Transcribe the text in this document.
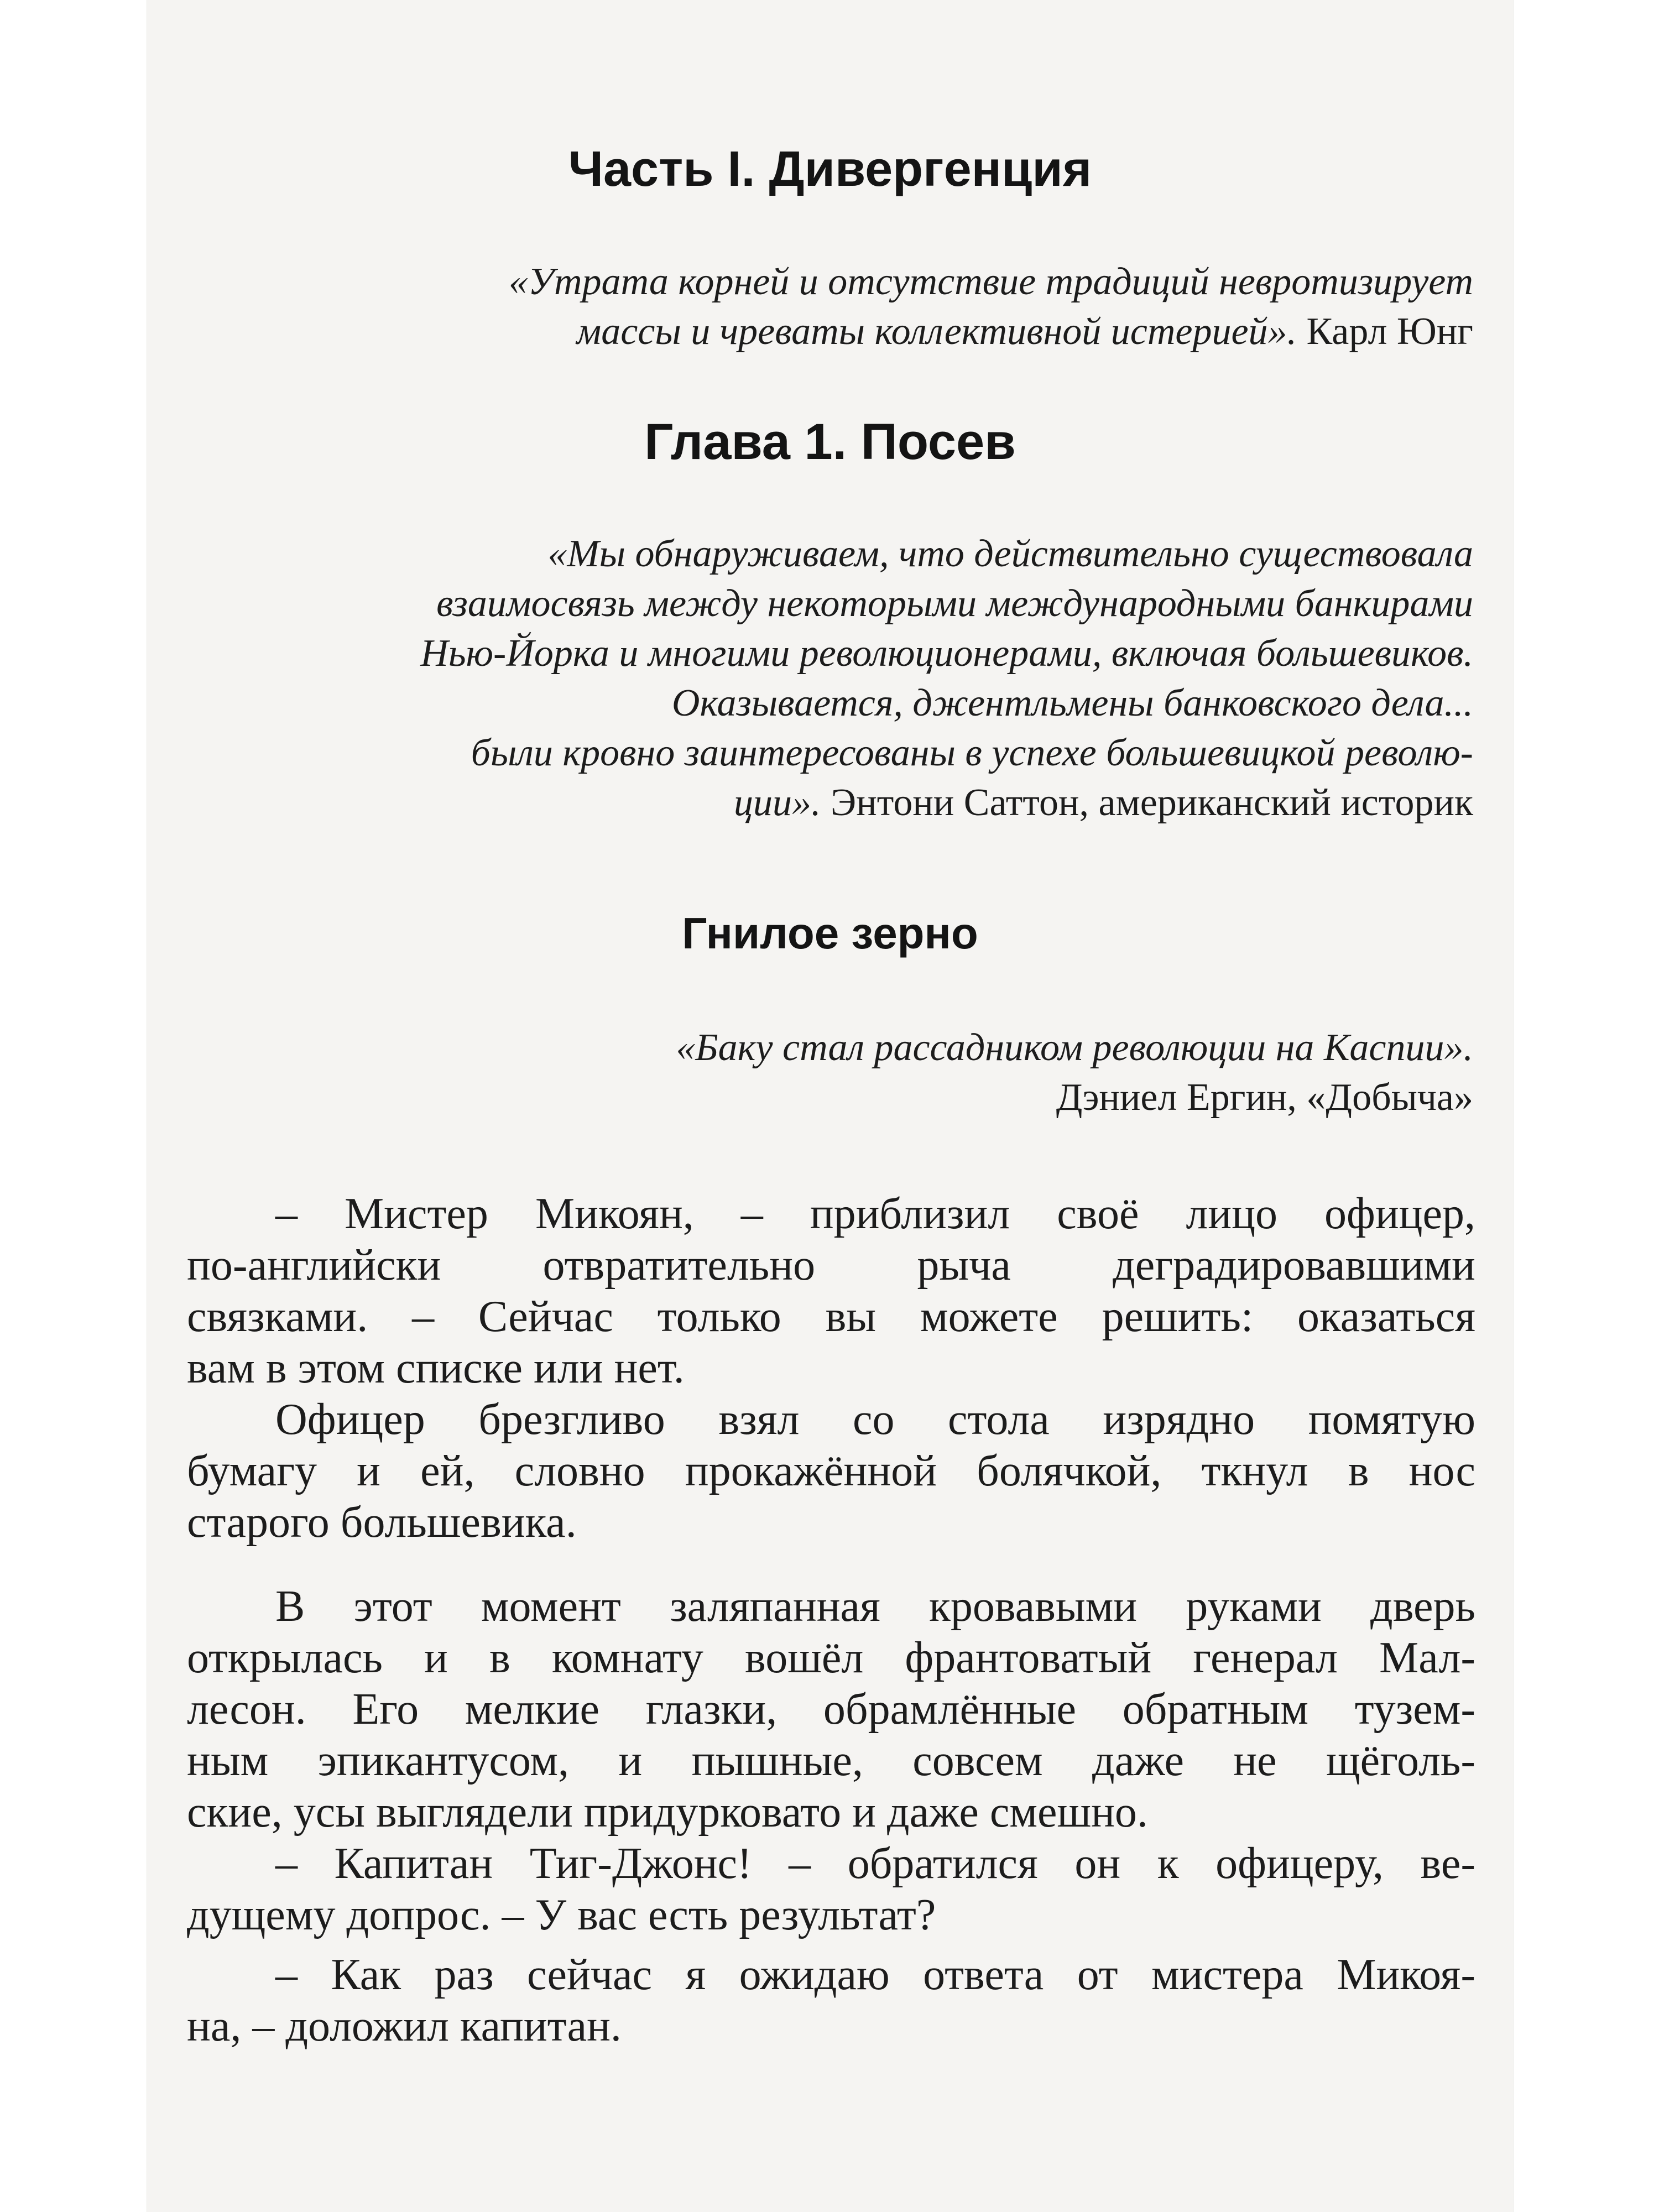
Часть I. Дивергенция
«Утрата корней и отсутствие традиций невротизирует
массы и чреваты коллективной истерией». Карл Юнг
Глава 1. Посев
«Мы обнаруживаем, что действительно существовала
взаимосвязь между некоторыми международными банкирами
Нью-Йорка и многими революционерами, включая большевиков.
Оказывается, джентльмены банковского дела...
были кровно заинтересованы в успехе большевицкой револю-
ции». Энтони Саттон, американский историк
Гнилое зерно
«Баку стал рассадником революции на Каспии».
Дэниел Ергин, «Добыча»
– Мистер Микоян, – приблизил своё лицо офицер,
по-английски отвратительно рыча деградировавшими
связками. – Сейчас только вы можете решить: оказаться
вам в этом списке или нет.
Офицер брезгливо взял со стола изрядно помятую
бумагу и ей, словно прокажённой болячкой, ткнул в нос
старого большевика.
В этот момент заляпанная кровавыми руками дверь
открылась и в комнату вошёл франтоватый генерал Мал-
лесон. Его мелкие глазки, обрамлённые обратным тузем-
ным эпикантусом, и пышные, совсем даже не щёголь-
ские, усы выглядели придурковато и даже смешно.
– Капитан Тиг-Джонс! – обратился он к офицеру, ве-
дущему допрос. – У вас есть результат?
– Как раз сейчас я ожидаю ответа от мистера Микоя-
на, – доложил капитан.
